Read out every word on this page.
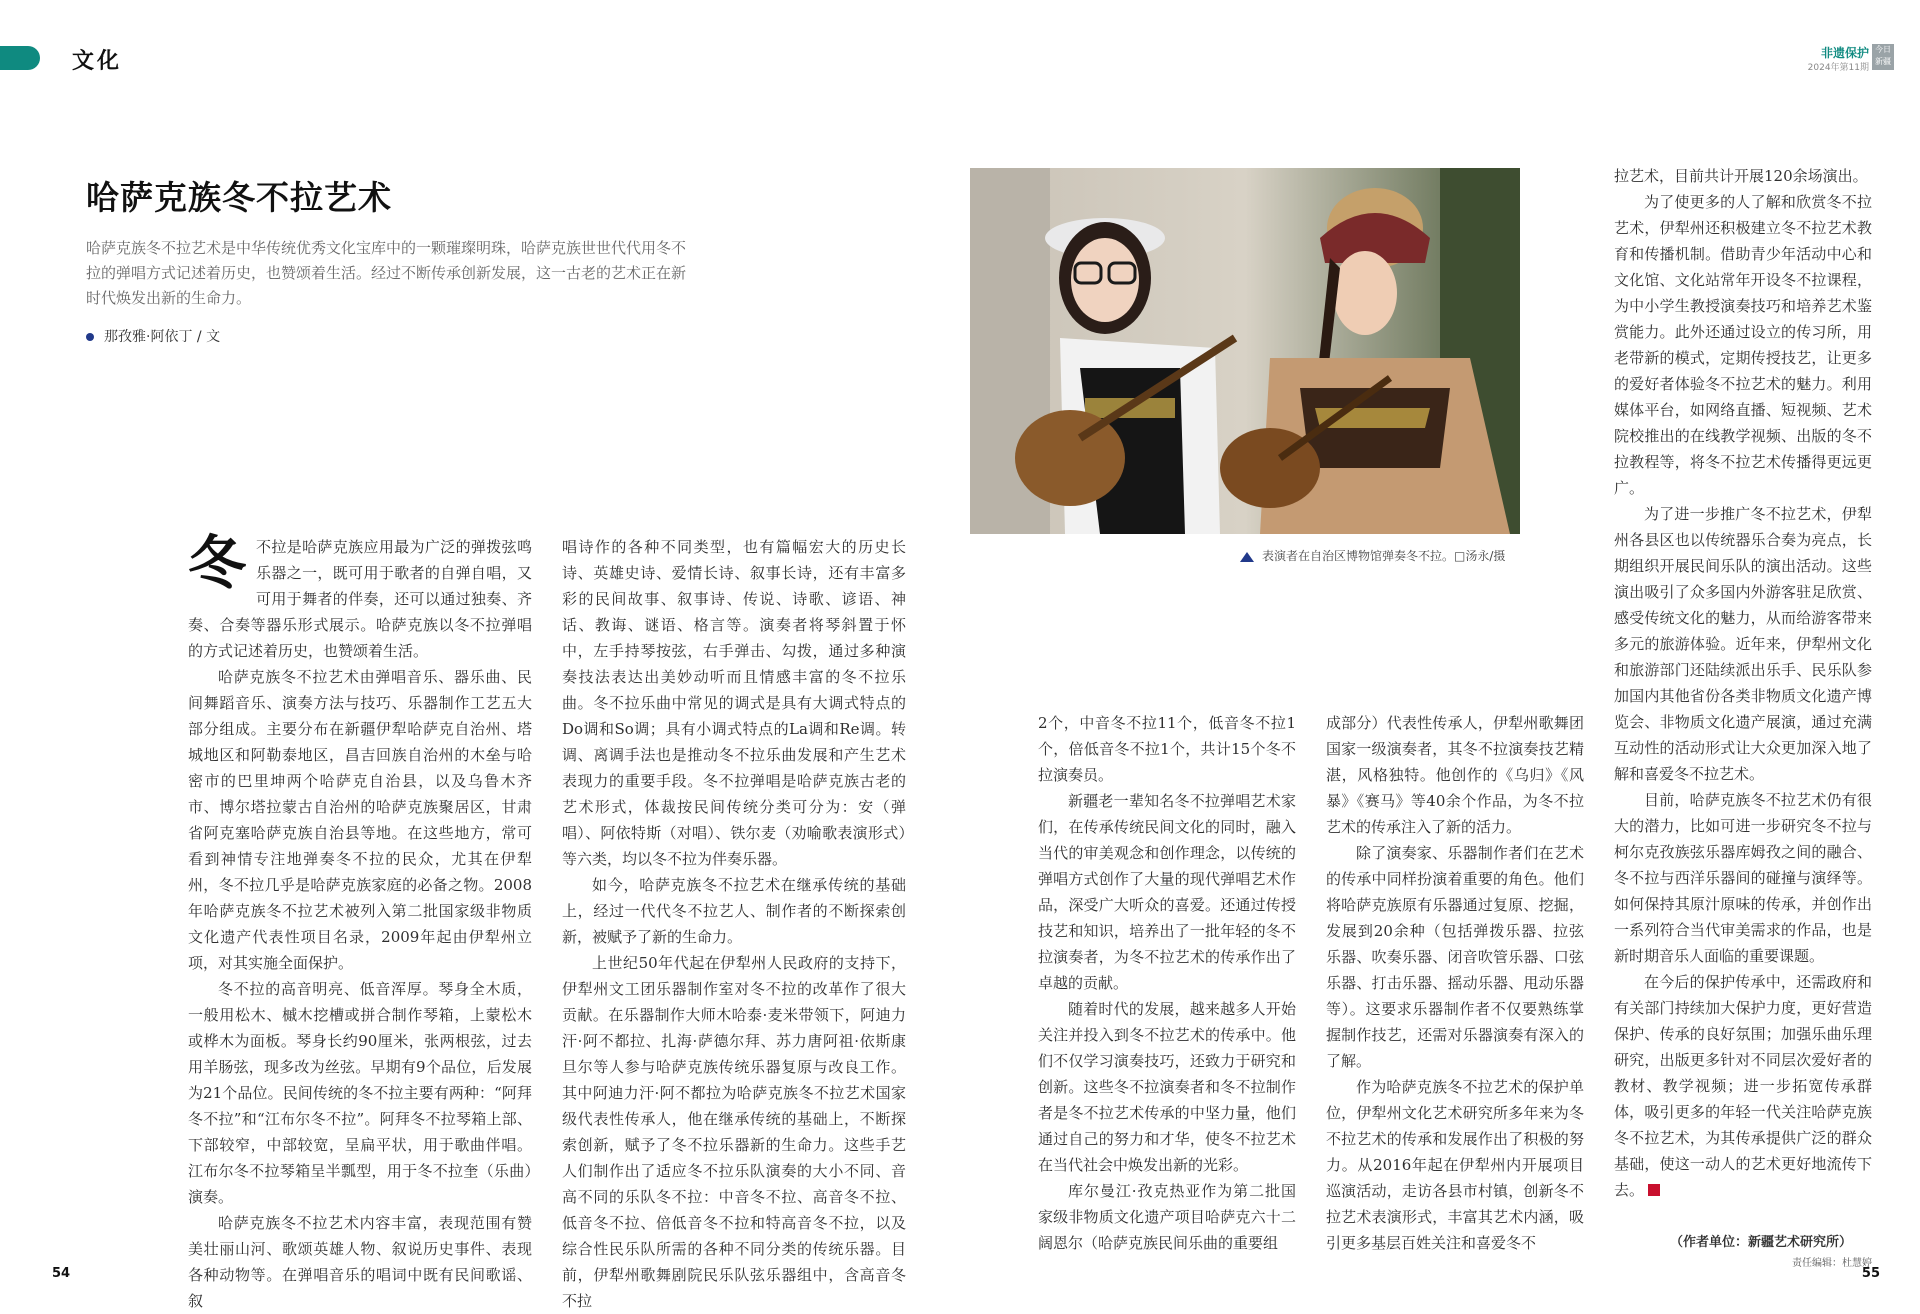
文化	非遗保护
2024年第11期
今日新疆
哈萨克族冬不拉艺术
哈萨克族冬不拉艺术是中华传统优秀文化宝库中的一颗璀璨明珠，哈萨克族世世代代用冬不拉的弹唱方式记述着历史，也赞颂着生活。经过不断传承创新发展，这一古老的艺术正在新时代焕发出新的生命力。
那孜雅·阿依丁 / 文
表演者在自治区博物馆弹奏冬不拉。□汤永/摄

冬不拉是哈萨克族应用最为广泛的弹拨弦鸣乐器之一，既可用于歌者的自弹自唱，又可用于舞者的伴奏，还可以通过独奏、齐奏、合奏等器乐形式展示。哈萨克族以冬不拉弹唱的方式记述着历史，也赞颂着生活。

哈萨克族冬不拉艺术由弹唱音乐、器乐曲、民间舞蹈音乐、演奏方法与技巧、乐器制作工艺五大部分组成。主要分布在新疆伊犁哈萨克自治州、塔城地区和阿勒泰地区，昌吉回族自治州的木垒与哈密市的巴里坤两个哈萨克自治县，以及乌鲁木齐市、博尔塔拉蒙古自治州的哈萨克族聚居区，甘肃省阿克塞哈萨克族自治县等地。在这些地方，常可看到神情专注地弹奏冬不拉的民众，尤其在伊犁州，冬不拉几乎是哈萨克族家庭的必备之物。2008年哈萨克族冬不拉艺术被列入第二批国家级非物质文化遗产代表性项目名录，2009年起由伊犁州立项，对其实施全面保护。

冬不拉的高音明亮、低音浑厚。琴身全木质，一般用松木、槭木挖槽或拼合制作琴箱，上蒙松木或桦木为面板。琴身长约90厘米，张两根弦，过去用羊肠弦，现多改为丝弦。早期有9个品位，后发展为21个品位。民间传统的冬不拉主要有两种：“阿拜冬不拉”和“江布尔冬不拉”。阿拜冬不拉琴箱上部、下部较窄，中部较宽，呈扁平状，用于歌曲伴唱。江布尔冬不拉琴箱呈半瓢型，用于冬不拉奎（乐曲）演奏。

哈萨克族冬不拉艺术内容丰富，表现范围有赞美壮丽山河、歌颂英雄人物、叙说历史事件、表现各种动物等。在弹唱音乐的唱词中既有民间歌谣、叙

唱诗作的各种不同类型，也有篇幅宏大的历史长诗、英雄史诗、爱情长诗、叙事长诗，还有丰富多彩的民间故事、叙事诗、传说、诗歌、谚语、神话、教诲、谜语、格言等。演奏者将琴斜置于怀中，左手持琴按弦，右手弹击、勾拨，通过多种演奏技法表达出美妙动听而且情感丰富的冬不拉乐曲。冬不拉乐曲中常见的调式是具有大调式特点的Do调和So调；具有小调式特点的La调和Re调。转调、离调手法也是推动冬不拉乐曲发展和产生艺术表现力的重要手段。冬不拉弹唱是哈萨克族古老的艺术形式，体裁按民间传统分类可分为：安（弹唱）、阿依特斯（对唱）、铁尔麦（劝喻歌表演形式）等六类，均以冬不拉为伴奏乐器。

如今，哈萨克族冬不拉艺术在继承传统的基础上，经过一代代冬不拉艺人、制作者的不断探索创新，被赋予了新的生命力。

上世纪50年代起在伊犁州人民政府的支持下，伊犁州文工团乐器制作室对冬不拉的改革作了很大贡献。在乐器制作大师木哈泰·麦米带领下，阿迪力汗·阿不都拉、扎海·萨德尔拜、苏力唐阿祖·依斯康旦尔等人参与哈萨克族传统乐器复原与改良工作。其中阿迪力汗·阿不都拉为哈萨克族冬不拉艺术国家级代表性传承人，他在继承传统的基础上，不断探索创新，赋予了冬不拉乐器新的生命力。这些手艺人们制作出了适应冬不拉乐队演奏的大小不同、音高不同的乐队冬不拉：中音冬不拉、高音冬不拉、低音冬不拉、倍低音冬不拉和特高音冬不拉，以及综合性民乐队所需的各种不同分类的传统乐器。目前，伊犁州歌舞剧院民乐队弦乐器组中，含高音冬不拉

2个，中音冬不拉11个，低音冬不拉1个，倍低音冬不拉1个，共计15个冬不拉演奏员。

新疆老一辈知名冬不拉弹唱艺术家们，在传承传统民间文化的同时，融入当代的审美观念和创作理念，以传统的弹唱方式创作了大量的现代弹唱艺术作品，深受广大听众的喜爱。还通过传授技艺和知识，培养出了一批年轻的冬不拉演奏者，为冬不拉艺术的传承作出了卓越的贡献。

随着时代的发展，越来越多人开始关注并投入到冬不拉艺术的传承中。他们不仅学习演奏技巧，还致力于研究和创新。这些冬不拉演奏者和冬不拉制作者是冬不拉艺术传承的中坚力量，他们通过自己的努力和才华，使冬不拉艺术在当代社会中焕发出新的光彩。

库尔曼江·孜克热亚作为第二批国家级非物质文化遗产项目哈萨克六十二阔恩尔（哈萨克族民间乐曲的重要组

成部分）代表性传承人，伊犁州歌舞团国家一级演奏者，其冬不拉演奏技艺精湛，风格独特。他创作的《乌归》《风暴》《赛马》等40余个作品，为冬不拉艺术的传承注入了新的活力。

除了演奏家、乐器制作者们在艺术的传承中同样扮演着重要的角色。他们将哈萨克族原有乐器通过复原、挖掘，发展到20余种（包括弹拨乐器、拉弦乐器、吹奏乐器、闭音吹管乐器、口弦乐器、打击乐器、摇动乐器、甩动乐器等）。这要求乐器制作者不仅要熟练掌握制作技艺，还需对乐器演奏有深入的了解。

作为哈萨克族冬不拉艺术的保护单位，伊犁州文化艺术研究所多年来为冬不拉艺术的传承和发展作出了积极的努力。从2016年起在伊犁州内开展项目巡演活动，走访各县市村镇，创新冬不拉艺术表演形式，丰富其艺术内涵，吸引更多基层百姓关注和喜爱冬不

拉艺术，目前共计开展120余场演出。

为了使更多的人了解和欣赏冬不拉艺术，伊犁州还积极建立冬不拉艺术教育和传播机制。借助青少年活动中心和文化馆、文化站常年开设冬不拉课程，为中小学生教授演奏技巧和培养艺术鉴赏能力。此外还通过设立的传习所，用老带新的模式，定期传授技艺，让更多的爱好者体验冬不拉艺术的魅力。利用媒体平台，如网络直播、短视频、艺术院校推出的在线教学视频、出版的冬不拉教程等，将冬不拉艺术传播得更远更广。

为了进一步推广冬不拉艺术，伊犁州各县区也以传统器乐合奏为亮点，长期组织开展民间乐队的演出活动。这些演出吸引了众多国内外游客驻足欣赏、感受传统文化的魅力，从而给游客带来多元的旅游体验。近年来，伊犁州文化和旅游部门还陆续派出乐手、民乐队参加国内其他省份各类非物质文化遗产博览会、非物质文化遗产展演，通过充满互动性的活动形式让大众更加深入地了解和喜爱冬不拉艺术。

目前，哈萨克族冬不拉艺术仍有很大的潜力，比如可进一步研究冬不拉与柯尔克孜族弦乐器库姆孜之间的融合、冬不拉与西洋乐器间的碰撞与演绎等。如何保持其原汁原味的传承，并创作出一系列符合当代审美需求的作品，也是新时期音乐人面临的重要课题。

在今后的保护传承中，还需政府和有关部门持续加大保护力度，更好营造保护、传承的良好氛围；加强乐曲乐理研究，出版更多针对不同层次爱好者的教材、教学视频；进一步拓宽传承群体，吸引更多的年轻一代关注哈萨克族冬不拉艺术，为其传承提供广泛的群众基础，使这一动人的艺术更好地流传下去。

（作者单位：新疆艺术研究所）
责任编辑：杜慧婷
54	55
